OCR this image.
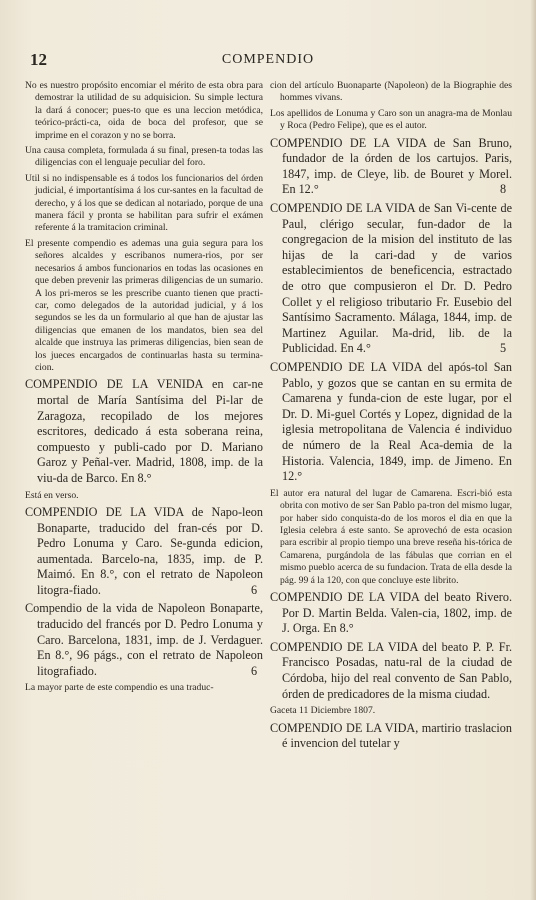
12	COMPENDIO

No es nuestro propósito encomiar el mérito de esta obra para demostrar la utilidad de su adquisicion. Su simple lectura la dará á conocer; pues-to que es una leccion metódica, teórico-prácti-ca, oida de boca del profesor, que se imprime en el corazon y no se borra.

Una causa completa, formulada á su final, presen-ta todas las diligencias con el lenguaje peculiar del foro.

Util si no indispensable es á todos los funcionarios del órden judicial, é importantísima á los cur-santes en la facultad de derecho, y á los que se dedican al notariado, porque de una manera fácil y pronta se habilitan para sufrir el exámen referente á la tramitacion criminal.

El presente compendio es ademas una guia segura para los señores alcaldes y escribanos numera-rios, por ser necesarios á ambos funcionarios en todas las ocasiones en que deben prevenir las primeras diligencias de un sumario. A los pri-meros se les prescribe cuanto tienen que practi-car, como delegados de la autoridad judicial, y á los segundos se les da un formulario al que han de ajustar las diligencias que emanen de los mandatos, bien sea del alcalde que instruya las primeras diligencias, bien sean de los jueces encargados de continuarlas hasta su termina-cion.

COMPENDIO DE LA VENIDA en car-ne mortal de María Santísima del Pi-lar de Zaragoza, recopilado de los mejores escritores, dedicado á esta soberana reina, compuesto y publi-cado por D. Mariano Garoz y Peñal-ver. Madrid, 1808, imp. de la viu-da de Barco. En 8.°

Está en verso.

COMPENDIO DE LA VIDA de Napo-leon Bonaparte, traducido del fran-cés por D. Pedro Lonuma y Caro. Se-gunda edicion, aumentada. Barcelo-na, 1835, imp. de P. Maimó. En 8.°, con el retrato de Napoleon litogra-fiado.	6

Compendio de la vida de Napoleon Bonaparte, traducido del francés por D. Pedro Lonuma y Caro. Barcelona, 1831, imp. de J. Verdaguer. En 8.°, 96 págs., con el retrato de Napoleon litografiado.	6

La mayor parte de este compendio es una traduc-

cion del artículo Buonaparte (Napoleon) de la Biographie des hommes vivans.

Los apellidos de Lonuma y Caro son un anagra-ma de Monlau y Roca (Pedro Felipe), que es el autor.

COMPENDIO DE LA VIDA de San Bruno, fundador de la órden de los cartujos. Paris, 1847, imp. de Cleye, lib. de Bouret y Morel. En 12.°	8

COMPENDIO DE LA VIDA de San Vi-cente de Paul, clérigo secular, fun-dador de la congregacion de la mision del instituto de las hijas de la cari-dad y de varios establecimientos de beneficencia, estractado de otro que compusieron el Dr. D. Pedro Collet y el religioso tributario Fr. Eusebio del Santísimo Sacramento. Málaga, 1844, imp. de Martinez Aguilar. Ma-drid, lib. de la Publicidad. En 4.°	5

COMPENDIO DE LA VIDA del após-tol San Pablo, y gozos que se cantan en su ermita de Camarena y funda-cion de este lugar, por el Dr. D. Mi-guel Cortés y Lopez, dignidad de la iglesia metropolitana de Valencia é individuo de número de la Real Aca-demia de la Historia. Valencia, 1849, imp. de Jimeno. En 12.°

El autor era natural del lugar de Camarena. Escri-bió esta obrita con motivo de ser San Pablo pa-tron del mismo lugar, por haber sido conquista-do de los moros el dia en que la Iglesia celebra á este santo. Se aprovechó de esta ocasion para escribir al propio tiempo una breve reseña his-tórica de Camarena, purgándola de las fábulas que corrian en el mismo pueblo acerca de su fundacion. Trata de ella desde la pág. 99 á la 120, con que concluye este librito.

COMPENDIO DE LA VIDA del beato Rivero. Por D. Martin Belda. Valen-cia, 1802, imp. de J. Orga. En 8.°

COMPENDIO DE LA VIDA del beato P. P. Fr. Francisco Posadas, natu-ral de la ciudad de Córdoba, hijo del real convento de San Pablo, órden de predicadores de la misma ciudad.

Gaceta 11 Diciembre 1807.

COMPENDIO DE LA VIDA, martirio traslacion é invencion del tutelar y
